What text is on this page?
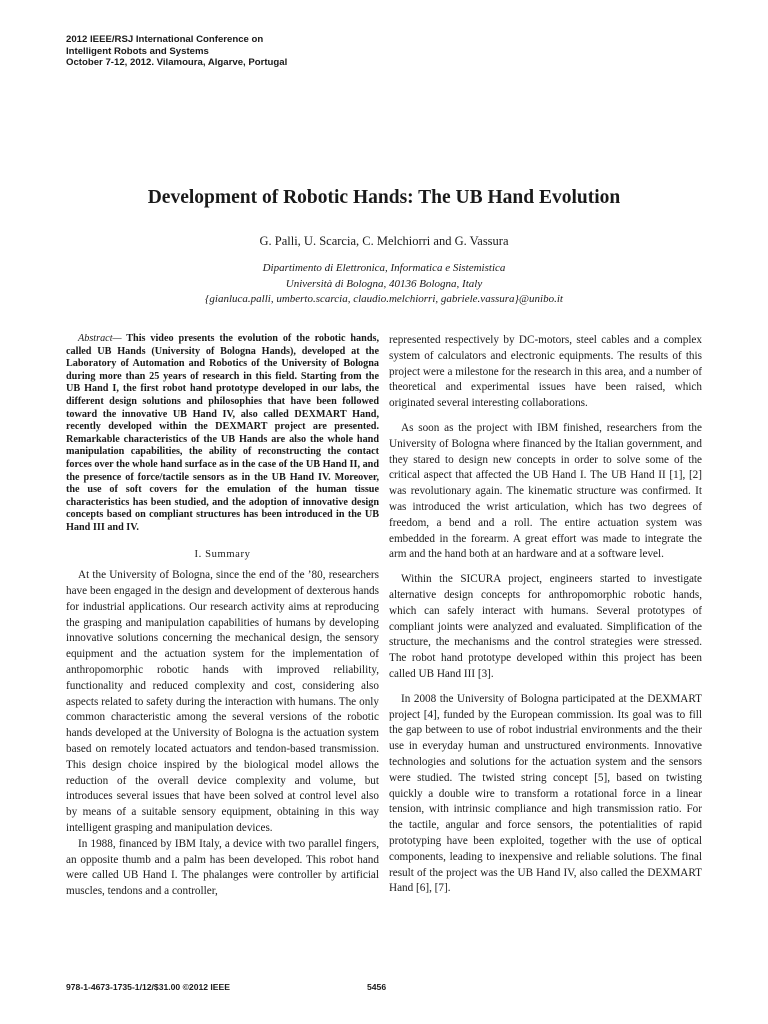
2012 IEEE/RSJ International Conference on
Intelligent Robots and Systems
October 7-12, 2012. Vilamoura, Algarve, Portugal
Development of Robotic Hands: The UB Hand Evolution
G. Palli, U. Scarcia, C. Melchiorri and G. Vassura
Dipartimento di Elettronica, Informatica e Sistemistica
Università di Bologna, 40136 Bologna, Italy
{gianluca.palli, umberto.scarcia, claudio.melchiorri, gabriele.vassura}@unibo.it

Abstract— This video presents the evolution of the robotic hands, called UB Hands (University of Bologna Hands), developed at the Laboratory of Automation and Robotics of the University of Bologna during more than 25 years of research in this field. Starting from the UB Hand I, the first robot hand prototype developed in our labs, the different design solutions and philosophies that have been followed toward the innovative UB Hand IV, also called DEXMART Hand, recently developed within the DEXMART project are presented. Remarkable characteristics of the UB Hands are also the whole hand manipulation capabilities, the ability of reconstructing the contact forces over the whole hand surface as in the case of the UB Hand II, and the presence of force/tactile sensors as in the UB Hand IV. Moreover, the use of soft covers for the emulation of the human tissue characteristics has been studied, and the adoption of innovative design concepts based on compliant structures has been introduced in the UB Hand III and IV.

I. Summary

At the University of Bologna, since the end of the ’80, researchers have been engaged in the design and development of dexterous hands for industrial applications. Our research activity aims at reproducing the grasping and manipulation capabilities of humans by developing innovative solutions concerning the mechanical design, the sensory equipment and the actuation system for the implementation of anthropomorphic robotic hands with improved reliability, functionality and reduced complexity and cost, considering also aspects related to safety during the interaction with humans. The only common characteristic among the several versions of the robotic hands developed at the University of Bologna is the actuation system based on remotely located actuators and tendon-based transmission. This design choice inspired by the biological model allows the reduction of the overall device complexity and volume, but introduces several issues that have been solved at control level also by means of a suitable sensory equipment, obtaining in this way intelligent grasping and manipulation devices.

In 1988, financed by IBM Italy, a device with two parallel fingers, an opposite thumb and a palm has been developed. This robot hand were called UB Hand I. The phalanges were controller by artificial muscles, tendons and a controller,

represented respectively by DC-motors, steel cables and a complex system of calculators and electronic equipments. The results of this project were a milestone for the research in this area, and a number of theoretical and experimental issues have been raised, which originated several interesting collaborations.

As soon as the project with IBM finished, researchers from the University of Bologna where financed by the Italian government, and they stared to design new concepts in order to solve some of the critical aspect that affected the UB Hand I. The UB Hand II [1], [2] was revolutionary again. The kinematic structure was confirmed. It was introduced the wrist articulation, which has two degrees of freedom, a bend and a roll. The entire actuation system was embedded in the forearm. A great effort was made to integrate the arm and the hand both at an hardware and at a software level.

Within the SICURA project, engineers started to investigate alternative design concepts for anthropomorphic robotic hands, which can safely interact with humans. Several prototypes of compliant joints were analyzed and evaluated. Simplification of the structure, the mechanisms and the control strategies were stressed. The robot hand prototype developed within this project has been called UB Hand III [3].

In 2008 the University of Bologna participated at the DEXMART project [4], funded by the European commission. Its goal was to fill the gap between to use of robot industrial environments and the their use in everyday human and unstructured environments. Innovative technologies and solutions for the actuation system and the sensors were studied. The twisted string concept [5], based on twisting quickly a double wire to transform a rotational force in a linear tension, with intrinsic compliance and high transmission ratio. For the tactile, angular and force sensors, the potentialities of rapid prototyping have been exploited, together with the use of optical components, leading to inexpensive and reliable solutions. The final result of the project was the UB Hand IV, also called the DEXMART Hand [6], [7].

978-1-4673-1735-1/12/$31.00 ©2012 IEEE	5456
